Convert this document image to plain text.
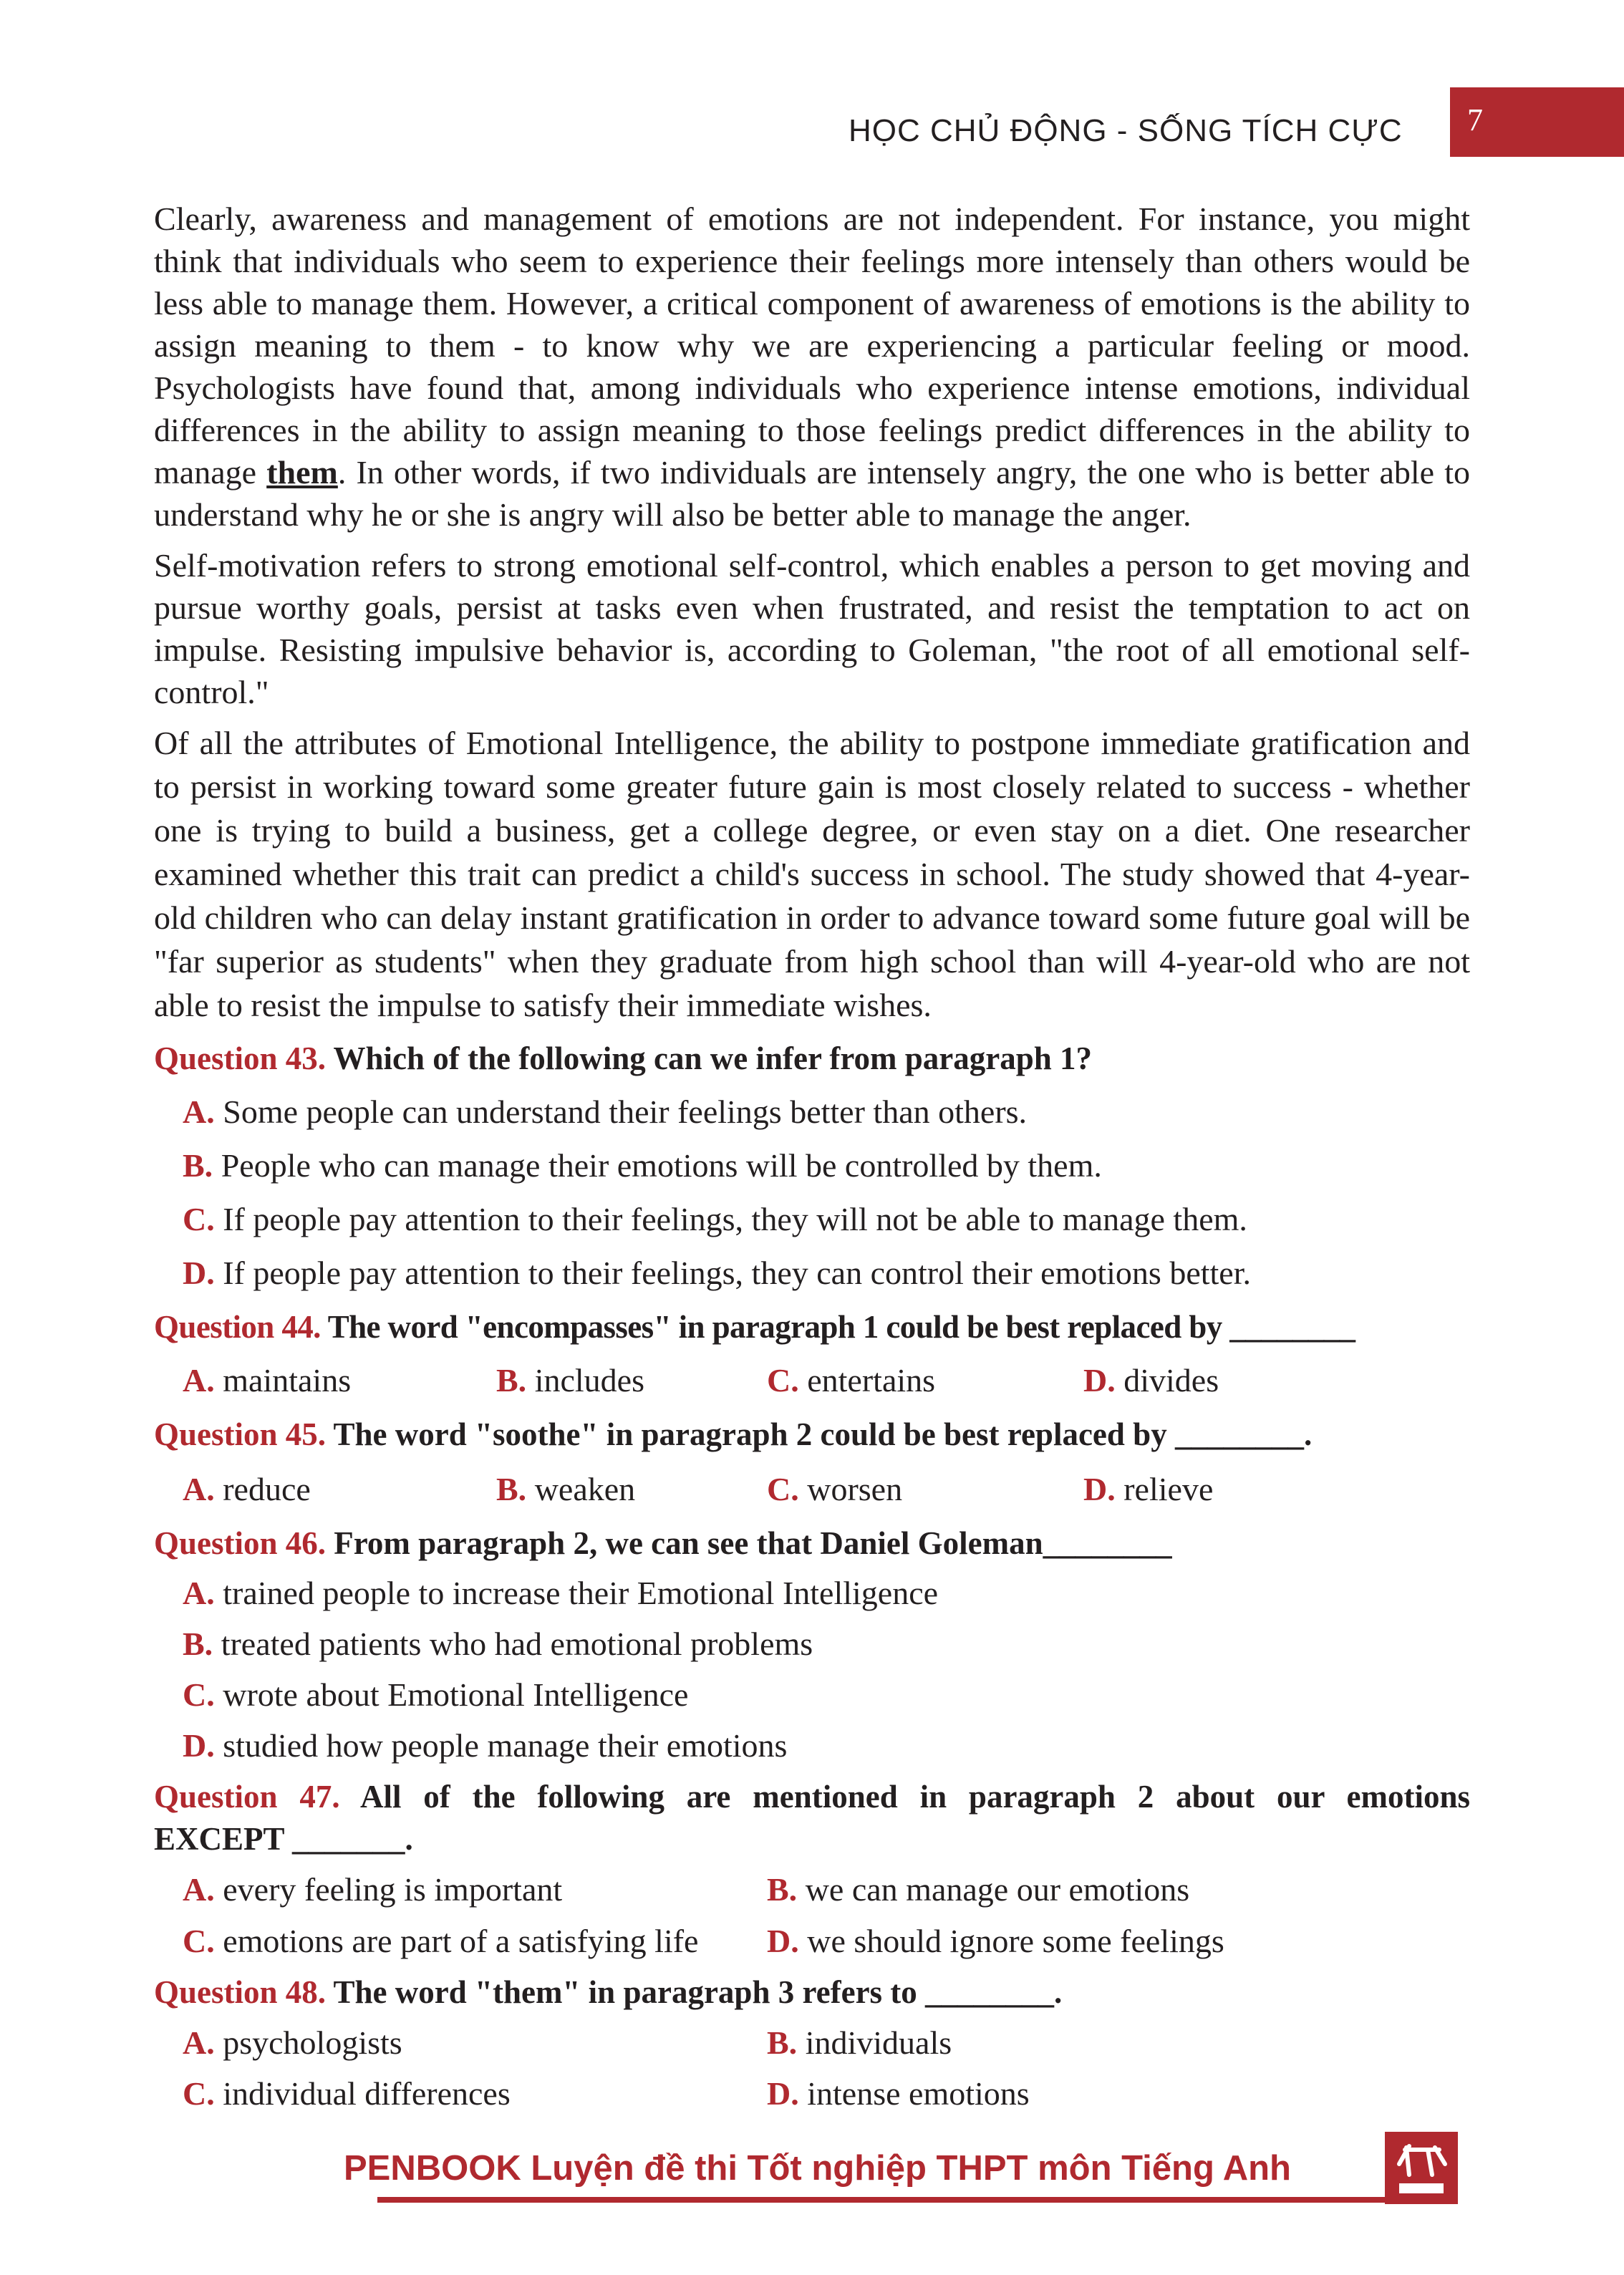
HỌC CHỦ ĐỘNG - SỐNG TÍCH CỰC 7

Clearly, awareness and management of emotions are not independent. For instance, you might think that individuals who seem to experience their feelings more intensely than others would be less able to manage them. However, a critical component of awareness of emotions is the ability to assign meaning to them - to know why we are experiencing a particular feeling or mood. Psychologists have found that, among individuals who experience intense emotions, individual differences in the ability to assign meaning to those feelings predict differences in the ability to manage them. In other words, if two individuals are intensely angry, the one who is better able to understand why he or she is angry will also be better able to manage the anger.

Self-motivation refers to strong emotional self-control, which enables a person to get moving and pursue worthy goals, persist at tasks even when frustrated, and resist the temptation to act on impulse. Resisting impulsive behavior is, according to Goleman, "the root of all emotional self-control."

Of all the attributes of Emotional Intelligence, the ability to postpone immediate gratification and to persist in working toward some greater future gain is most closely related to success - whether one is trying to build a business, get a college degree, or even stay on a diet. One researcher examined whether this trait can predict a child's success in school. The study showed that 4-year-old children who can delay instant gratification in order to advance toward some future goal will be "far superior as students" when they graduate from high school than will 4-year-old who are not able to resist the impulse to satisfy their immediate wishes.

Question 43. Which of the following can we infer from paragraph 1?
A. Some people can understand their feelings better than others.
B. People who can manage their emotions will be controlled by them.
C. If people pay attention to their feelings, they will not be able to manage them.
D. If people pay attention to their feelings, they can control their emotions better.
Question 44. The word "encompasses" in paragraph 1 could be best replaced by ________
A. maintains	B. includes	C. entertains	D. divides
Question 45. The word "soothe" in paragraph 2 could be best replaced by ________.
A. reduce	B. weaken	C. worsen	D. relieve
Question 46. From paragraph 2, we can see that Daniel Goleman________
A. trained people to increase their Emotional Intelligence
B. treated patients who had emotional problems
C. wrote about Emotional Intelligence
D. studied how people manage their emotions
Question 47. All of the following are mentioned in paragraph 2 about our emotions
EXCEPT _______.
A. every feeling is important	B. we can manage our emotions
C. emotions are part of a satisfying life D. we should ignore some feelings
Question 48. The word "them" in paragraph 3 refers to ________.
A. psychologists	B. individuals
C. individual differences	D. intense emotions
PENBOOK Luyện đề thi Tốt nghiệp THPT môn Tiếng Anh
